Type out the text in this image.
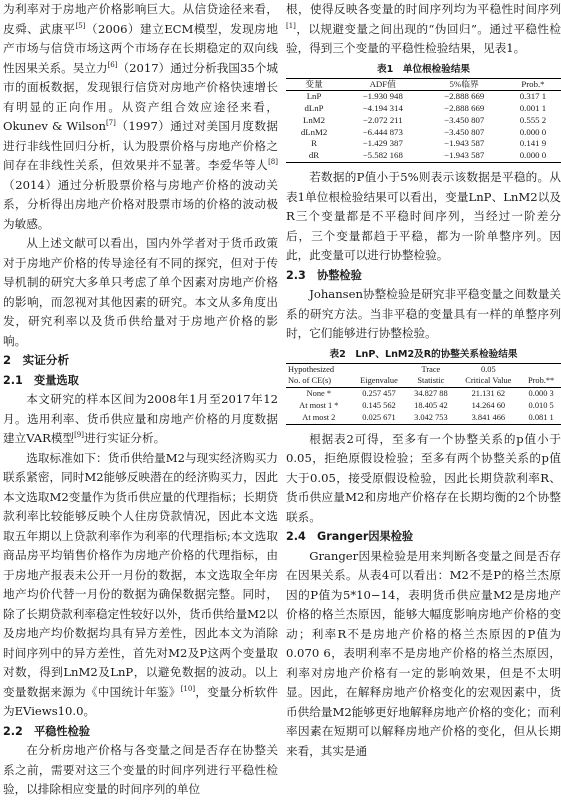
为利率对于房地产价格影响巨大。从信贷途径来看，皮舜、武康平[5]（2006）建立ECM模型，发现房地产市场与信贷市场这两个市场存在长期稳定的双向线性因果关系。吴立力[6]（2017）通过分析我国35个城市的面板数据，发现银行信贷对房地产价格快速增长有明显的正向作用。从资产组合效应途径来看，Okunev & Wilson[7]（1997）通过对美国月度数据进行非线性回归分析，认为股票价格与房地产价格之间存在非线性关系，但效果并不显著。李爱华等人[8]（2014）通过分析股票价格与房地产价格的波动关系，分析得出房地产价格对股票市场的价格的波动极为敏感。

从上述文献可以看出，国内外学者对于货币政策对于房地产价格的传导途径有不同的探究，但对于传导机制的研究大多单只考虑了单个因素对房地产价格的影响，而忽视对其他因素的研究。本文从多角度出发，研究利率以及货币供给量对于房地产价格的影响。

2　实证分析
2.1　变量选取

本文研究的样本区间为2008年1月至2017年12月。选用利率、货币供应量和房地产价格的月度数据建立VAR模型[9]进行实证分析。

选取标准如下：货币供给量M2与现实经济购买力联系紧密，同时M2能够反映潜在的经济购买力，因此本文选取M2变量作为货币供应量的代理指标；长期贷款利率比较能够反映个人住房贷款情况，因此本文选取五年期以上贷款利率作为利率的代理指标;本文选取商品房平均销售价格作为房地产价格的代理指标，由于房地产报表未公开一月份的数据，本文选取全年房地产均价代替一月份的数据为确保数据完整。同时，除了长期贷款利率稳定性较好以外，货币供给量M2以及房地产均价数据均具有异方差性，因此本文为消除时间序列中的异方差性，首先对M2及P这两个变量取对数，得到LnM2及LnP，以避免数据的波动。以上变量数据来源为《中国统计年鉴》[10]，变量分析软件为EViews10.0。

2.2　平稳性检验

在分析房地产价格与各变量之间是否存在协整关系之前，需要对这三个变量的时间序列进行平稳性检验，以排除相应变量的时间序列的单位

根，使得反映各变量的时间序列均为平稳性时间序列[1]，以规避变量之间出现的“伪回归”。通过平稳性检验，得到三个变量的平稳性检验结果，见表1。

表1　单位根检验结果
变量	ADF值	5%临界	Prob.*
LnP	−1.930 948	−2.888 669	0.317 1
dLnP	−4.194 314	−2.888 669	0.001 1
LnM2	−2.072 211	−3.450 807	0.555 2
dLnM2	−6.444 873	−3.450 807	0.000 0
R	−1.429 387	−1.943 587	0.141 9
dR	−5.582 168	−1.943 587	0.000 0

若数据的P值小于5%则表示该数据是平稳的。从表1单位根检验结果可以看出，变量LnP、LnM2以及R三个变量都是不平稳时间序列，当经过一阶差分后，三个变量都趋于平稳，都为一阶单整序列。因此，此变量可以进行协整检验。

2.3　协整检验

Johansen协整检验是研究非平稳变量之间数量关系的研究方法。当非平稳的变量具有一样的单整序列时，它们能够进行协整检验。

表2　LnP、LnM2及R的协整关系检验结果
Hypothesized		Trace	0.05	
No. of CE(s)	Eigenvalue	Statistic	Critical Value	Prob.**
None *	0.257 457	34.827 88	21.131 62	0.000 3
At most 1 *	0.145 562	18.405 42	14.264 60	0.010 5
At most 2	0.025 671	3.042 753	3.841 466	0.081 1

根据表2可得，至多有一个协整关系的p值小于0.05，拒绝原假设检验；至多有两个协整关系的p值大于0.05，接受原假设检验，因此长期贷款利率R、货币供应量M2和房地产价格存在长期均衡的2个协整联系。

2.4　Granger因果检验

Granger因果检验是用来判断各变量之间是否存在因果关系。从表4可以看出：M2不是P的格兰杰原因的P值为5*10−14，表明货币供应量M2是房地产价格的格兰杰原因，能够大幅度影响房地产价格的变动；利率R不是房地产价格的格兰杰原因的P值为0.070 6，表明利率不是房地产价格的格兰杰原因，利率对房地产价格有一定的影响效果，但是不太明显。因此，在解释房地产价格变化的宏观因素中，货币供给量M2能够更好地解释房地产价格的变化；而利率因素在短期可以解释房地产价格的变化，但从长期来看，其实是通
